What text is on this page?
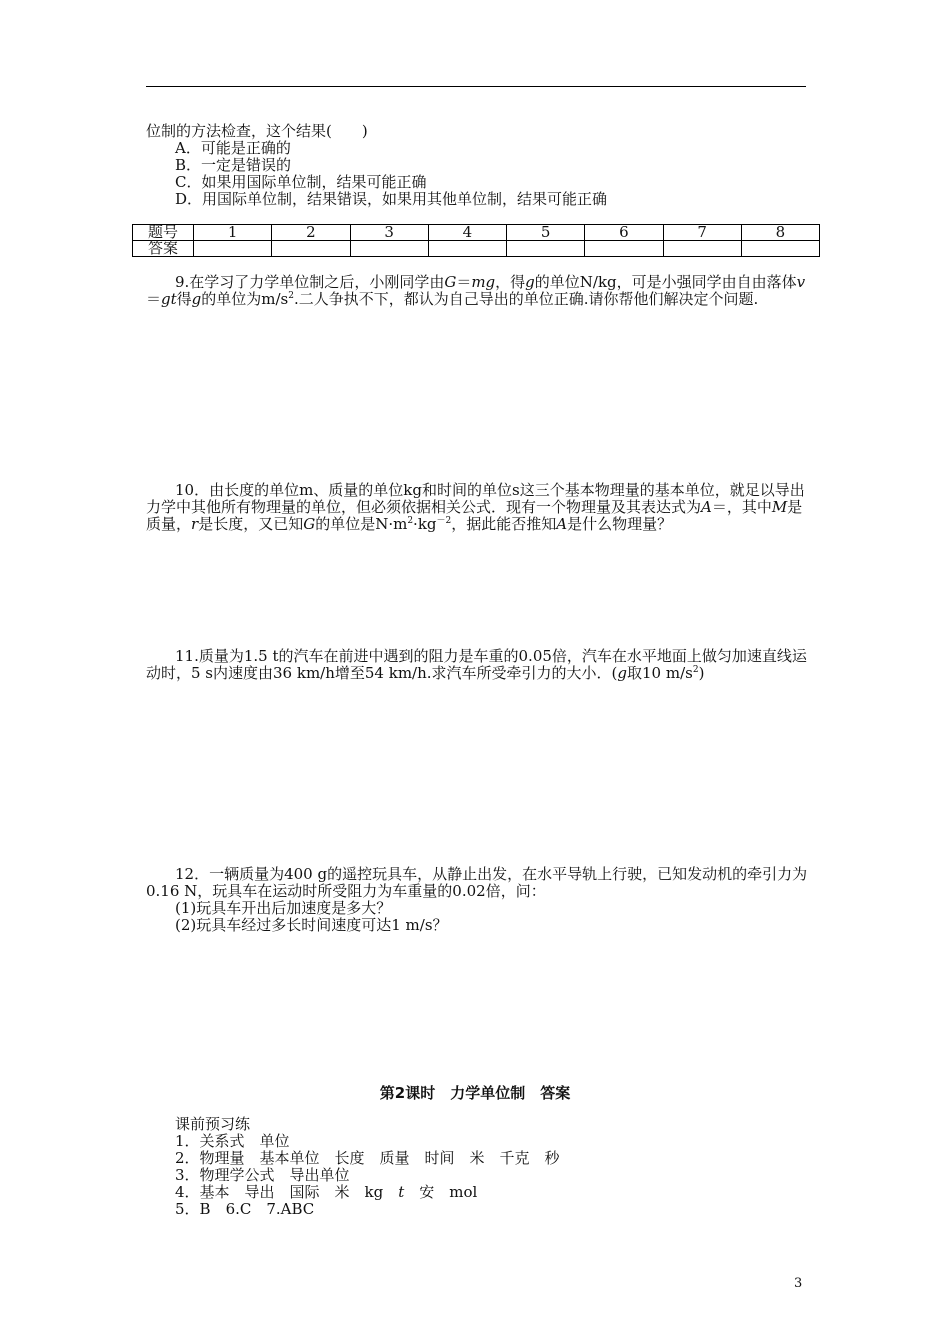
位制的方法检查，这个结果(　　)
A．可能是正确的
B．一定是错误的
C．如果用国际单位制，结果可能正确
D．用国际单位制，结果错误，如果用其他单位制，结果可能正确
题号	1	2	3	4	5	6	7	8
答案								

9.在学习了力学单位制之后，小刚同学由G＝mg，得g的单位N/kg，可是小强同学由自由落体v＝gt得g的单位为$m/s^2$.二人争执不下，都认为自己导出的单位正确.请你帮他们解决定个问题.

10．由长度的单位m、质量的单位kg和时间的单位s这三个基本物理量的基本单位，就足以导出力学中其他所有物理量的单位，但必须依据相关公式．现有一个物理量及其表达式为A＝，其中M是质量，r是长度，又已知G的单位是$N\cdot m^2\cdot kg^{-2}$，据此能否推知A是什么物理量？

11.质量为1.5 t的汽车在前进中遇到的阻力是车重的0.05倍，汽车在水平地面上做匀加速直线运动时，5 s内速度由36 km/h增至54 km/h.求汽车所受牵引力的大小．(g取10 $m/s^2$)

12．一辆质量为400 g的遥控玩具车，从静止出发，在水平导轨上行驶，已知发动机的牵引力为0.16 N，玩具车在运动时所受阻力为车重量的0.02倍，问：

(1)玩具车开出后加速度是多大？
(2)玩具车经过多长时间速度可达1 m/s？
第2课时　力学单位制　答案
课前预习练
1．关系式　单位
2．物理量　基本单位　长度　质量　时间　米　千克　秒
3．物理学公式　导出单位
4．基本　导出　国际　米　kg　t　安　mol
5．B　6.C　7.ABC
3
